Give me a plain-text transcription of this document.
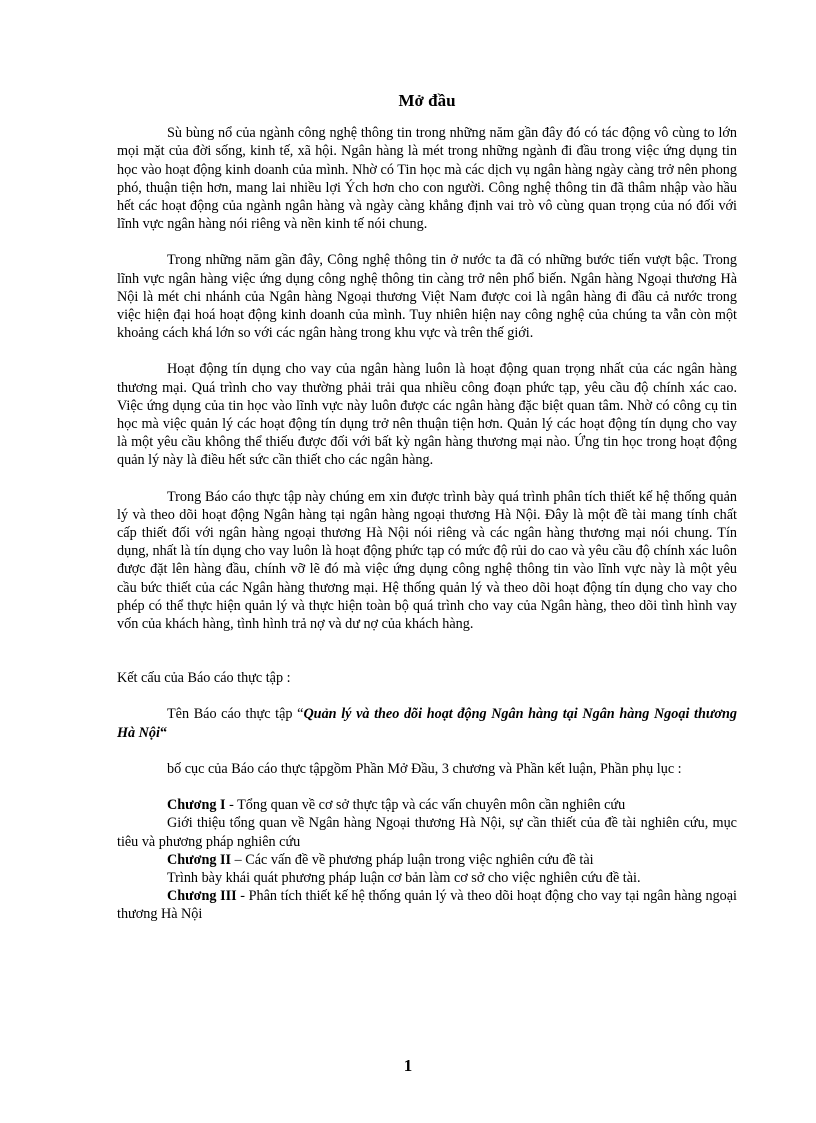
Mở đầu

Sù bùng nổ của ngành công nghệ thông tin trong những năm gần đây đó có tác động vô cùng to lớn mọi mặt của đời sống, kinh tế, xã hội. Ngân hàng là mét trong những ngành đi đầu trong việc ứng dụng tin học vào hoạt động kinh doanh của mình. Nhờ có Tin học mà các dịch vụ ngân hàng ngày càng trở nên phong phó, thuận tiện hơn, mang lai nhiều lợi Ých hơn cho con người. Công nghệ thông tin đã thâm nhập vào hầu hết các hoạt động của ngành ngân hàng và ngày càng khẳng định vai trò vô cùng quan trọng của nó đối với lĩnh vực ngân hàng nói riêng và nền kinh tế nói chung.

Trong những năm gần đây, Công nghệ thông tin ở nước ta đã có những bước tiến vượt bậc. Trong lĩnh vực ngân hàng việc ứng dụng công nghệ thông tin càng trở nên phổ biến. Ngân hàng Ngoại thương Hà Nội là mét chi nhánh của Ngân hàng Ngoại thương Việt Nam được coi là ngân hàng đi đầu cả nước trong việc hiện đại hoá hoạt động kinh doanh của mình. Tuy nhiên hiện nay công nghệ của chúng ta vẫn còn một khoảng cách khá lớn so với các ngân hàng trong khu vực và trên thế giới.

Hoạt động tín dụng cho vay của ngân hàng luôn là hoạt động quan trọng nhất của các ngân hàng thương mại. Quá trình cho vay thường phải trải qua nhiều công đoạn phức tạp, yêu cầu độ chính xác cao. Việc ứng dụng của tin học vào lĩnh vực này luôn được các ngân hàng đặc biệt quan tâm. Nhờ có công cụ tin học mà việc quản lý các hoạt động tín dụng trở nên thuận tiện hơn. Quản lý các hoạt động tín dụng cho vay là một yêu cầu không thể thiếu được đối với bất kỳ ngân hàng thương mại nào. Ứng tin học trong hoạt động quản lý này là điều hết sức cần thiết cho các ngân hàng.

Trong Báo cáo thực tập này chúng em xin được trình bày quá trình phân tích thiết kế hệ thống quản lý và theo dõi hoạt động Ngân hàng tại ngân hàng ngoại thương Hà Nội. Đây là một đề tài mang tính chất cấp thiết đối với ngân hàng ngoại thương Hà Nội nói riêng và các ngân hàng thương mại nói chung. Tín dụng, nhất là tín dụng cho vay luôn là hoạt động phức tạp có mức độ rủi do cao và yêu cầu độ chính xác luôn được đặt lên hàng đầu, chính vỡ lẽ đó mà việc ứng dụng công nghệ thông tin vào lĩnh vực này là một yêu cầu bức thiết của các Ngân hàng thương mại. Hệ thống quản lý và theo dõi hoạt động tín dụng cho vay cho phép có thể thực hiện quản lý và thực hiện toàn bộ quá trình cho vay của Ngân hàng, theo dõi tình hình vay vốn của khách hàng, tình hình trả nợ và dư nợ của khách hàng.

Kết cấu của Báo cáo thực tập :

Tên Báo cáo thực tập “Quản lý và theo dõi hoạt động Ngân hàng tại Ngân hàng Ngoại thương Hà Nội“

bố cục của Báo cáo thực tậpgồm Phần Mở Đầu, 3 chương và Phần kết luận, Phần phụ lục :

Chương I - Tổng quan về cơ sở thực tập và các vấn chuyên môn cần nghiên cứu

Giới thiệu tổng quan về Ngân hàng Ngoại thương Hà Nội, sự cần thiết của đề tài nghiên cứu, mục tiêu và phương pháp nghiên cứu

Chương II – Các vấn đề về phương pháp luận trong việc nghiên cứu đề tài

Trình bày khái quát phương pháp luận cơ bản làm cơ sở cho việc nghiên cứu đề tài.

Chương III - Phân tích thiết kế hệ thống quản lý và theo dõi hoạt động cho vay tại ngân hàng ngoại thương Hà Nội

1
